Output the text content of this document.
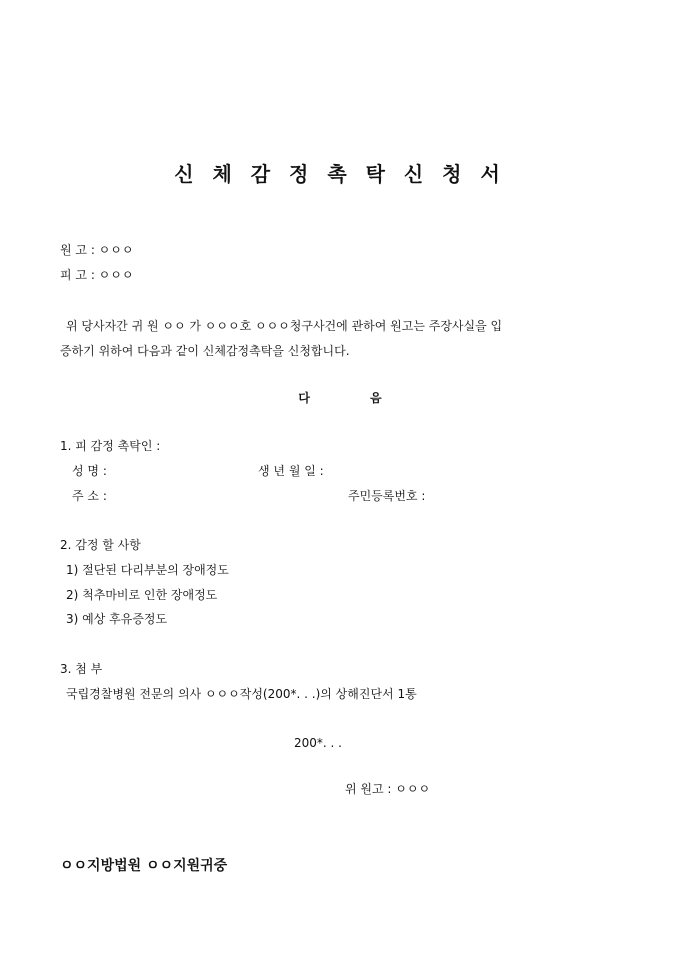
신 체 감 정 촉 탁 신 청 서
원 고 : ㅇㅇㅇ
피 고 : ㅇㅇㅇ
위 당사자간 귀 원 ㅇㅇ 가 ㅇㅇㅇ호 ㅇㅇㅇ청구사건에 관하여 원고는 주장사실을 입
증하기 위하여 다음과 같이 신체감정촉탁을 신청합니다.
다	음
1. 피 감정 촉탁인 :
성 명 :	생 년 월 일 :
주 소 :	주민등록번호 :
2. 감정 할 사항
1) 절단된 다리부분의 장애정도
2) 척추마비로 인한 장애정도
3) 예상 후유증정도
3. 첨 부
국립경찰병원 전문의 의사 ㅇㅇㅇ작성(200*. . .)의 상해진단서 1통
200*. . .
위 원고 : ㅇㅇㅇ
ㅇㅇ지방법원 ㅇㅇ지원귀중
